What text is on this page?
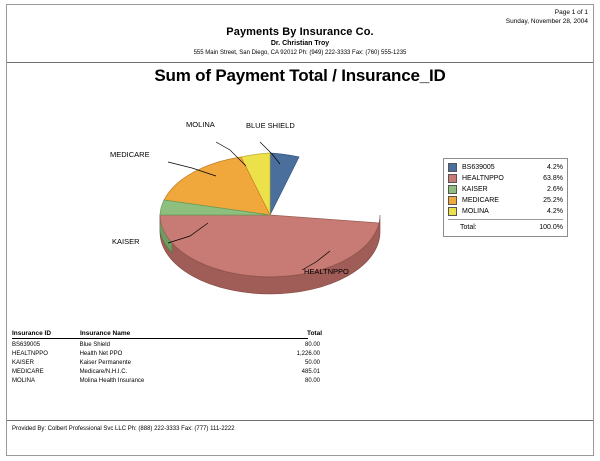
Page 1 of 1
Sunday, November 28, 2004
Payments By Insurance Co.
Dr. Christian Troy
555 Main Street, San Diego, CA 92012 Ph: (949) 222-3333 Fax: (760) 555-1235
Sum of Payment Total / Insurance_ID
MOLINA	BLUE SHIELD
MEDICARE
KAISER
HEALTNPPO
BS639005	4.2%
HEALTNPPO	63.8%
KAISER	2.6%
MEDICARE	25.2%
MOLINA	4.2%
Total:	100.0%
Insurance ID	Insurance Name	Total
BS639005	Blue Shield	80.00
HEALTNPPO	Health Net PPO	1,226.00
KAISER	Kaiser Permanente	50.00
MEDICARE	Medicare/N.H.I.C.	485.01
MOLINA	Molina Health Insurance	80.00
Provided By: Colbert Professional Svc LLC Ph: (888) 222-3333 Fax: (777) 111-2222
